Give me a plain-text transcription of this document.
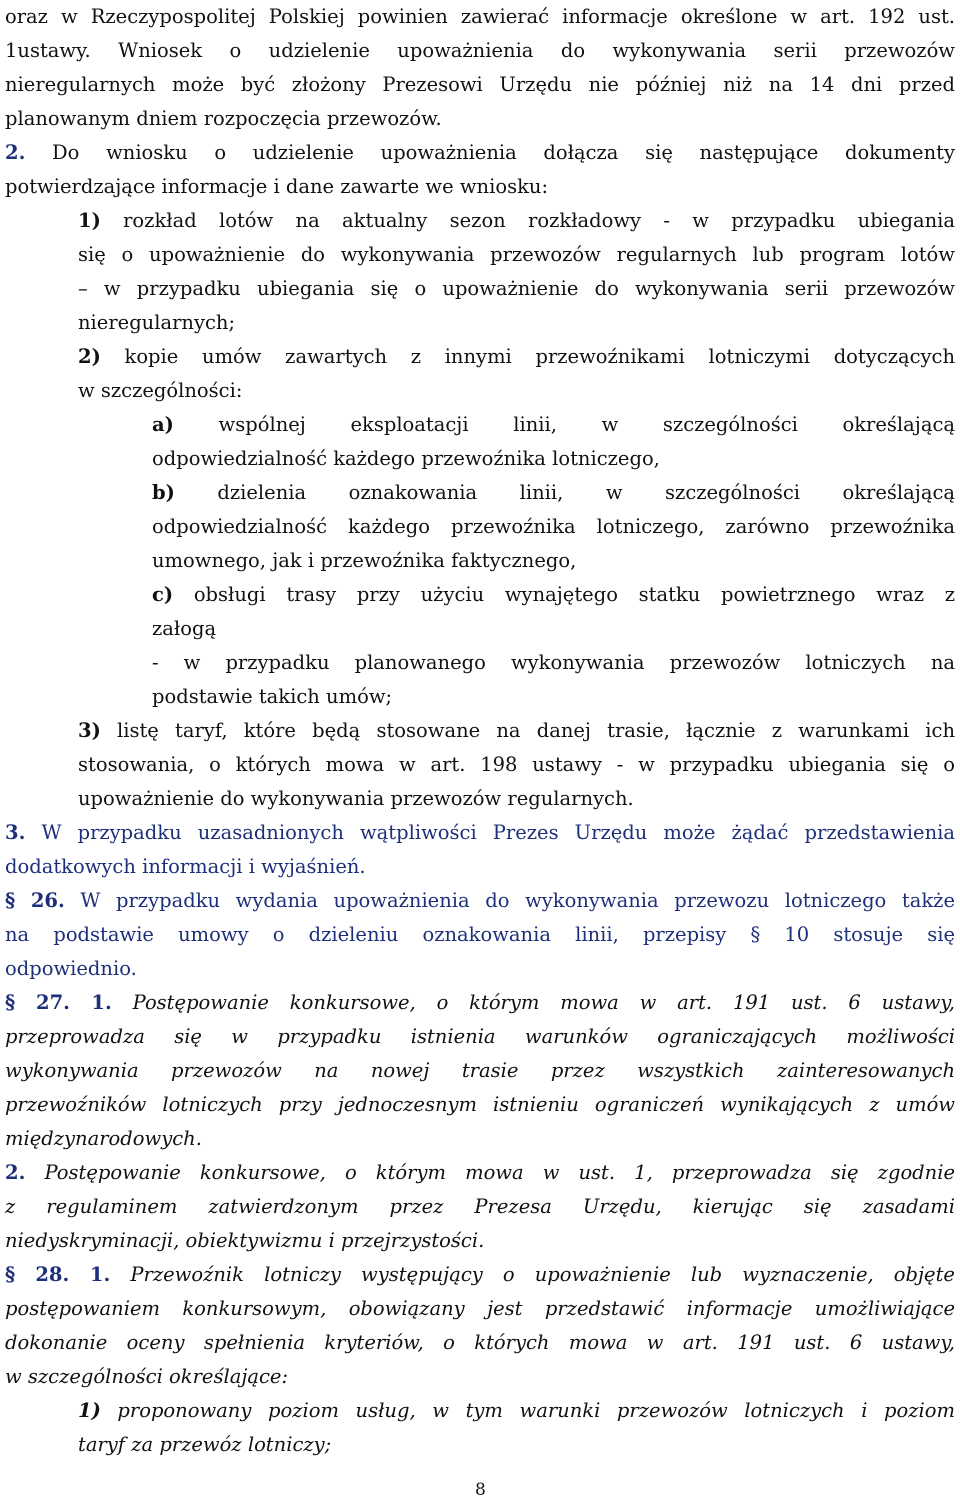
oraz w Rzeczypospolitej Polskiej powinien zawierać informacje określone w art. 192 ust.
1ustawy. Wniosek o udzielenie upoważnienia do wykonywania serii przewozów
nieregularnych może być złożony Prezesowi Urzędu nie później niż na 14 dni przed
planowanym dniem rozpoczęcia przewozów.
2. Do wniosku o udzielenie upoważnienia dołącza się następujące dokumenty
potwierdzające informacje i dane zawarte we wniosku:
1) rozkład lotów na aktualny sezon rozkładowy - w przypadku ubiegania
się o upoważnienie do wykonywania przewozów regularnych lub program lotów
– w przypadku ubiegania się o upoważnienie do wykonywania serii przewozów
nieregularnych;
2) kopie umów zawartych z innymi przewoźnikami lotniczymi dotyczących
w szczególności:
a) wspólnej eksploatacji linii, w szczególności określającą
odpowiedzialność każdego przewoźnika lotniczego,
b) dzielenia oznakowania linii, w szczególności określającą
odpowiedzialność każdego przewoźnika lotniczego, zarówno przewoźnika
umownego, jak i przewoźnika faktycznego,
c) obsługi trasy przy użyciu wynajętego statku powietrznego wraz z
załogą
- w przypadku planowanego wykonywania przewozów lotniczych na
podstawie takich umów;
3) listę taryf, które będą stosowane na danej trasie, łącznie z warunkami ich
stosowania, o których mowa w art. 198 ustawy - w przypadku ubiegania się o
upoważnienie do wykonywania przewozów regularnych.
3. W przypadku uzasadnionych wątpliwości Prezes Urzędu może żądać przedstawienia
dodatkowych informacji i wyjaśnień.
§ 26. W przypadku wydania upoważnienia do wykonywania przewozu lotniczego także
na podstawie umowy o dzieleniu oznakowania linii, przepisy § 10 stosuje się
odpowiednio.
§ 27. 1. Postępowanie konkursowe, o którym mowa w art. 191 ust. 6 ustawy,
przeprowadza się w przypadku istnienia warunków ograniczających możliwości
wykonywania przewozów na nowej trasie przez wszystkich zainteresowanych
przewoźników lotniczych przy jednoczesnym istnieniu ograniczeń wynikających z umów
międzynarodowych.
2. Postępowanie konkursowe, o którym mowa w ust. 1, przeprowadza się zgodnie
z regulaminem zatwierdzonym przez Prezesa Urzędu, kierując się zasadami
niedyskryminacji, obiektywizmu i przejrzystości.
§ 28. 1. Przewoźnik lotniczy występujący o upoważnienie lub wyznaczenie, objęte
postępowaniem konkursowym, obowiązany jest przedstawić informacje umożliwiające
dokonanie oceny spełnienia kryteriów, o których mowa w art. 191 ust. 6 ustawy,
w szczególności określające:
1) proponowany poziom usług, w tym warunki przewozów lotniczych i poziom
taryf za przewóz lotniczy;
8
